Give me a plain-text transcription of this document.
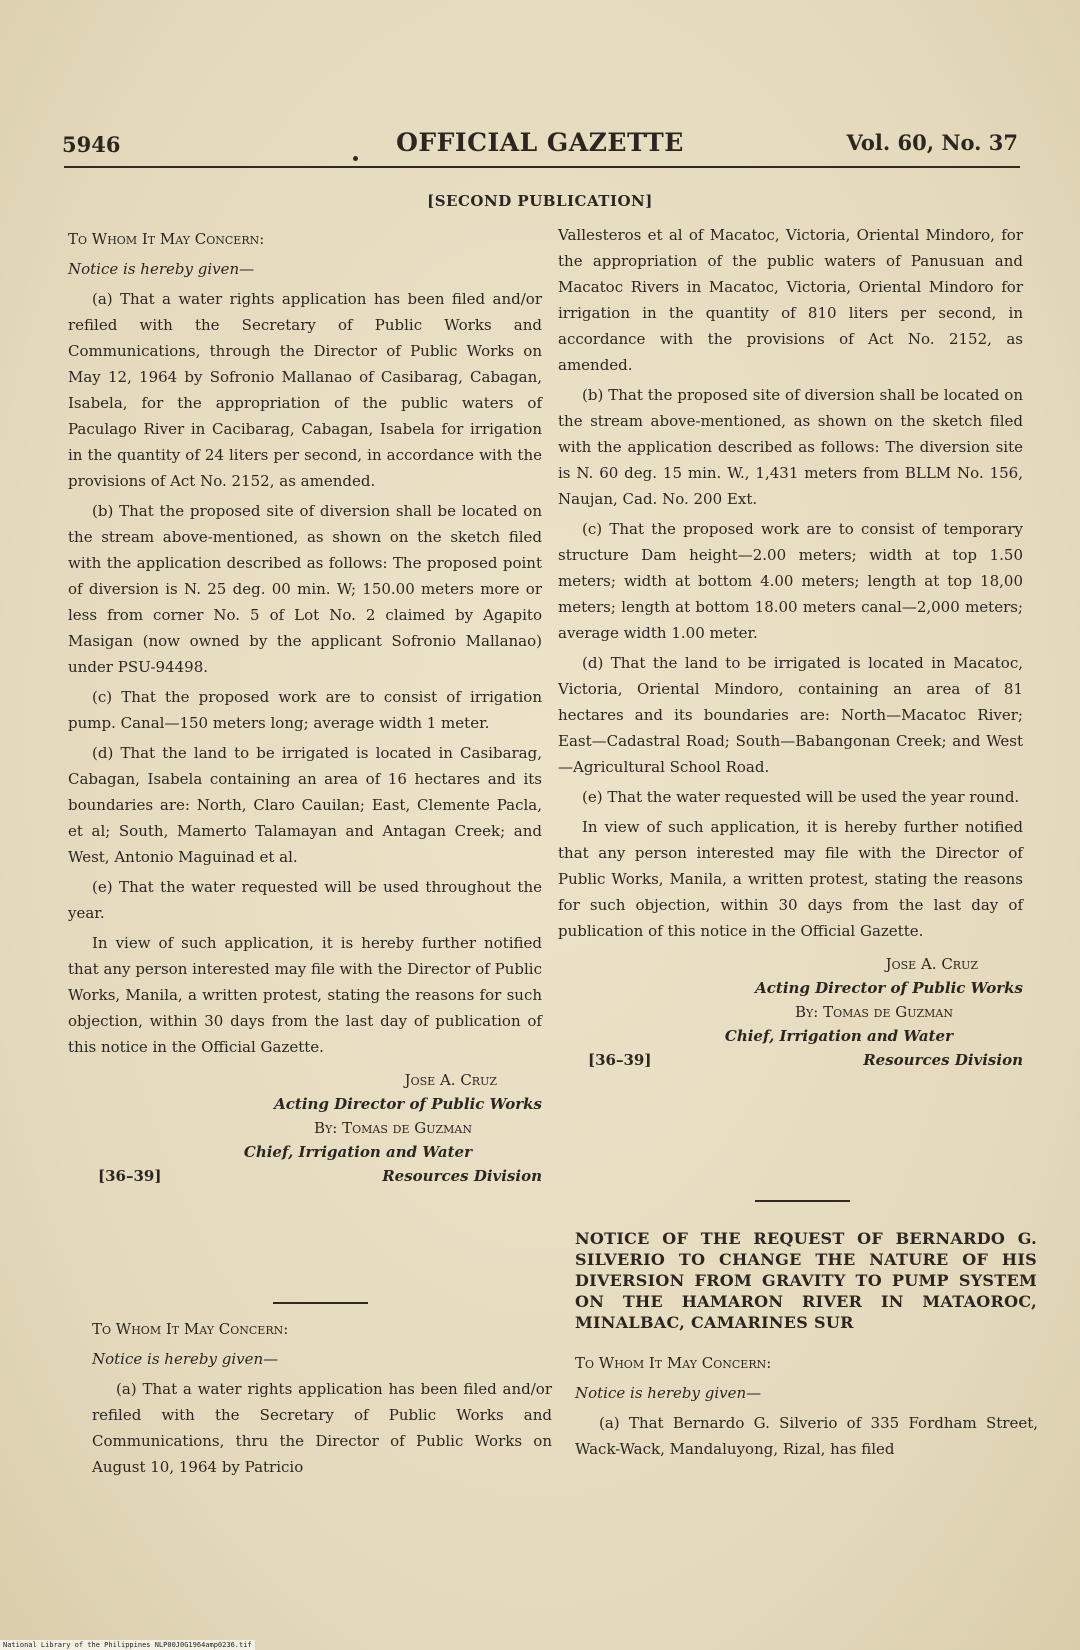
5946	OFFICIAL GAZETTE	Vol. 60, No. 37
[SECOND PUBLICATION]
To Whom It May Concern:
Notice is hereby given—

(a) That a water rights application has been filed and/or refiled with the Secretary of Public Works and Communications, through the Director of Public Works on May 12, 1964 by Sofronio Mallanao of Casibarag, Cabagan, Isabela, for the appropriation of the public waters of Paculago River in Cacibarag, Cabagan, Isabela for irrigation in the quantity of 24 liters per second, in accordance with the provisions of Act No. 2152, as amended.

(b) That the proposed site of diversion shall be located on the stream above-mentioned, as shown on the sketch filed with the application described as follows: The proposed point of diversion is N. 25 deg. 00 min. W; 150.00 meters more or less from corner No. 5 of Lot No. 2 claimed by Agapito Masigan (now owned by the applicant Sofronio Mallanao) under PSU-94498.

(c) That the proposed work are to consist of irrigation pump. Canal—150 meters long; average width 1 meter.

(d) That the land to be irrigated is located in Casibarag, Cabagan, Isabela containing an area of 16 hectares and its boundaries are: North, Claro Cauilan; East, Clemente Pacla, et al; South, Mamerto Talamayan and Antagan Creek; and West, Antonio Maguinad et al.

(e) That the water requested will be used throughout the year.

In view of such application, it is hereby further notified that any person interested may file with the Director of Public Works, Manila, a written protest, stating the reasons for such objection, within 30 days from the last day of publication of this notice in the Official Gazette.

Jose A. Cruz
Acting Director of Public Works
By: Tomas de Guzman
Chief, Irrigation and Water
[36–39]	Resources Division
To Whom It May Concern:
Notice is hereby given—

(a) That a water rights application has been filed and/or refiled with the Secretary of Public Works and Communications, thru the Director of Public Works on August 10, 1964 by Patricio

Vallesteros et al of Macatoc, Victoria, Oriental Mindoro, for the appropriation of the public waters of Panusuan and Macatoc Rivers in Macatoc, Victoria, Oriental Mindoro for irrigation in the quantity of 810 liters per second, in accordance with the provisions of Act No. 2152, as amended.

(b) That the proposed site of diversion shall be located on the stream above-mentioned, as shown on the sketch filed with the application described as follows: The diversion site is N. 60 deg. 15 min. W., 1,431 meters from BLLM No. 156, Naujan, Cad. No. 200 Ext.

(c) That the proposed work are to consist of temporary structure Dam height—2.00 meters; width at top 1.50 meters; width at bottom 4.00 meters; length at top 18,00 meters; length at bottom 18.00 meters canal—2,000 meters; average width 1.00 meter.

(d) That the land to be irrigated is located in Macatoc, Victoria, Oriental Mindoro, containing an area of 81 hectares and its boundaries are: North—Macatoc River; East—Cadastral Road; South—Babangonan Creek; and West—Agricultural School Road.

(e) That the water requested will be used the year round.

In view of such application, it is hereby further notified that any person interested may file with the Director of Public Works, Manila, a written protest, stating the reasons for such objection, within 30 days from the last day of publication of this notice in the Official Gazette.

Jose A. Cruz
Acting Director of Public Works
By: Tomas de Guzman
Chief, Irrigation and Water
[36–39]	Resources Division
NOTICE OF THE REQUEST OF BERNARDO G. SILVERIO TO CHANGE THE NATURE OF HIS DIVERSION FROM GRAVITY TO PUMP SYSTEM ON THE HAMARON RIVER IN MATAOROC, MINALBAC, CAMARINES SUR
To Whom It May Concern:
Notice is hereby given—

(a) That Bernardo G. Silverio of 335 Fordham Street, Wack-Wack, Mandaluyong, Rizal, has filed

National Library of the Philippines NLP00J0G1964amp0236.tif
